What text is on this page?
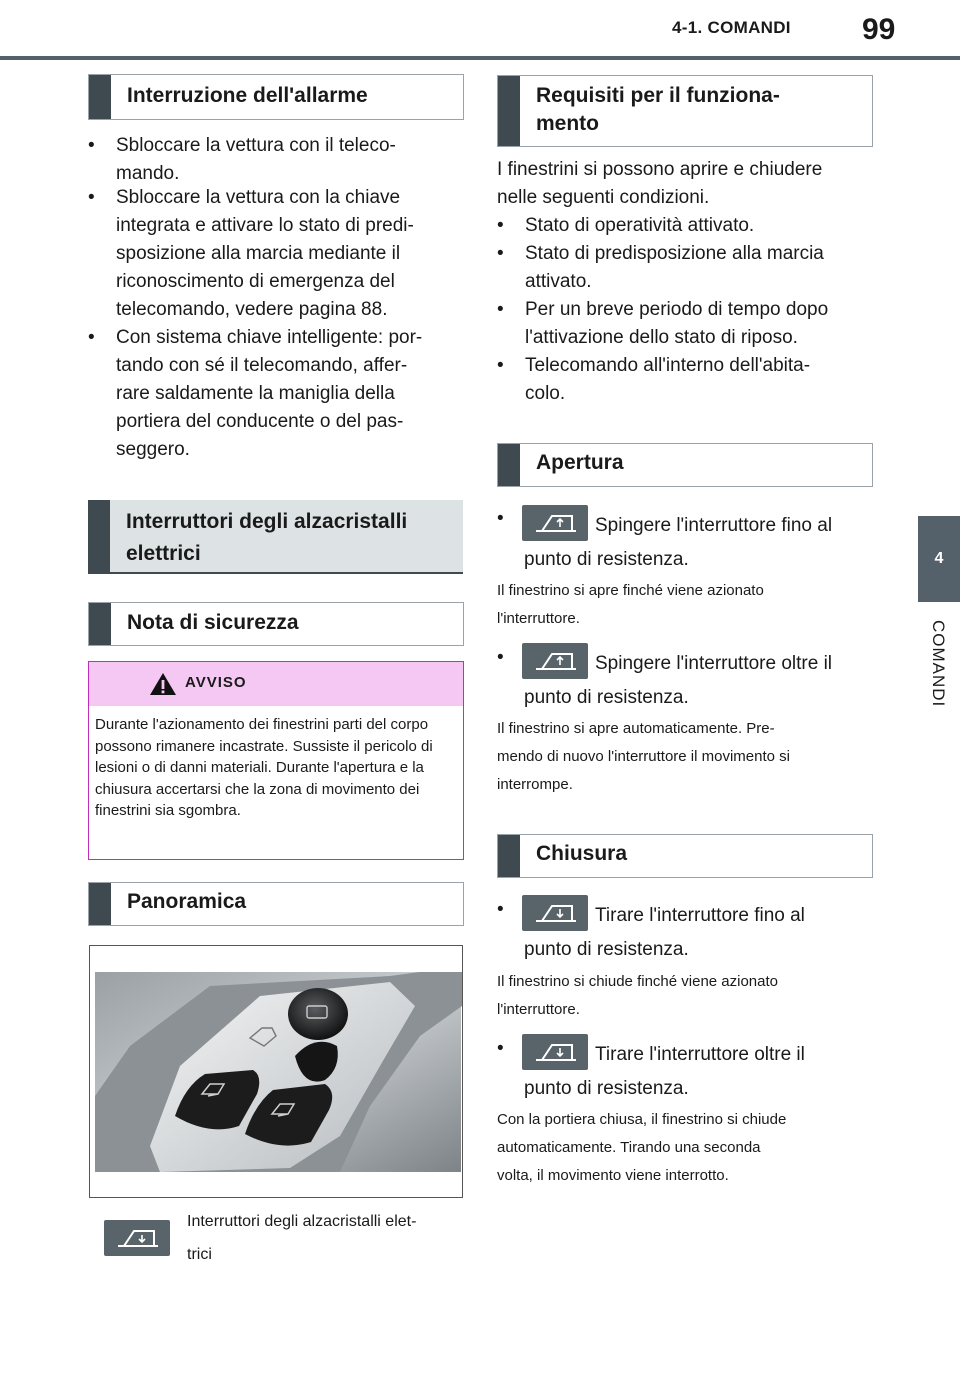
4-1. COMANDI 99
4
COMANDI
Interruzione dell'allarme
• Sbloccare la vettura con il teleco-
mando.
• Sbloccare la vettura con la chiave
integrata e attivare lo stato di predi-
sposizione alla marcia mediante il
riconoscimento di emergenza del
telecomando, vedere pagina 88.
• Con sistema chiave intelligente: por-
tando con sé il telecomando, affer-
rare saldamente la maniglia della
portiera del conducente o del pas-
seggero.
Interruttori degli alzacristalli
elettrici
Nota di sicurezza
AVVISO
Durante l'azionamento dei finestrini parti del corpo possono rimanere incastrate. Sussiste il pericolo di lesioni o di danni materiali. Durante l'apertura e la chiusura accertarsi che la zona di movimento dei finestrini sia sgombra.
Panoramica
Interruttori degli alzacristalli elet-
trici
Requisiti per il funziona-
mento
I finestrini si possono aprire e chiudere
nelle seguenti condizioni.
• Stato di operatività attivato.
• Stato di predisposizione alla marcia
attivato.
• Per un breve periodo di tempo dopo
l'attivazione dello stato di riposo.
• Telecomando all'interno dell'abita-
colo.
Apertura
•	Spingere l'interruttore fino al
punto di resistenza.
Il finestrino si apre finché viene azionato
l'interruttore.
•	Spingere l'interruttore oltre il
punto di resistenza.
Il finestrino si apre automaticamente. Pre-
mendo di nuovo l'interruttore il movimento si
interrompe.
Chiusura
•	Tirare l'interruttore fino al
punto di resistenza.
Il finestrino si chiude finché viene azionato
l'interruttore.
•	Tirare l'interruttore oltre il
punto di resistenza.
Con la portiera chiusa, il finestrino si chiude
automaticamente. Tirando una seconda
volta, il movimento viene interrotto.
